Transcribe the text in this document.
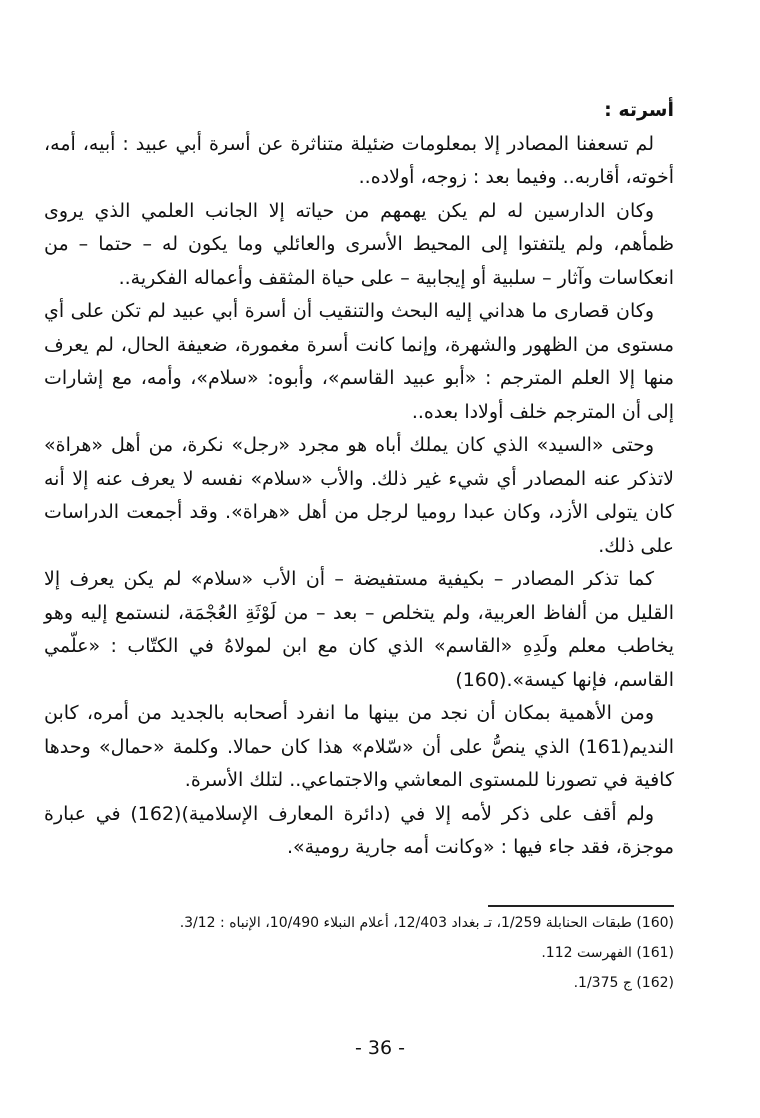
أسرته :

لم تسعفنا المصادر إلا بمعلومات ضئيلة متناثرة عن أسرة أبي عبيد : أبيه، أمه، أخوته، أقاربه.. وفيما بعد : زوجه، أولاده..

وكان الدارسين له لم يكن يهمهم من حياته إلا الجانب العلمي الذي يروى ظمأهم، ولم يلتفتوا إلى المحيط الأسرى والعائلي وما يكون له – حتما – من انعكاسات وآثار – سلبية أو إيجابية – على حياة المثقف وأعماله الفكرية..

وكان قصارى ما هداني إليه البحث والتنقيب أن أسرة أبي عبيد لم تكن على أي مستوى من الظهور والشهرة، وإنما كانت أسرة مغمورة، ضعيفة الحال، لم يعرف منها إلا العلم المترجم : «أبو عبيد القاسم»، وأبوه: «سلام»، وأمه، مع إشارات إلى أن المترجم خلف أولادا بعده..

وحتى «السيد» الذي كان يملك أباه هو مجرد «رجل» نكرة، من أهل «هراة» لاتذكر عنه المصادر أي شيء غير ذلك. والأب «سلام» نفسه لا يعرف عنه إلا أنه كان يتولى الأزد، وكان عبدا روميا لرجل من أهل «هراة». وقد أجمعت الدراسات على ذلك.

كما تذكر المصادر – بكيفية مستفيضة – أن الأب «سلام» لم يكن يعرف إلا القليل من ألفاظ العربية، ولم يتخلص – بعد – من لَوْثَةِ العُجْمَة، لنستمع إليه وهو يخاطب معلم ولَدِهِ «القاسم» الذي كان مع ابن لمولاهُ في الكتّاب : «علّمي القاسم، فإنها كيسة».(160)

ومن الأهمية بمكان أن نجد من بينها ما انفرد أصحابه بالجديد من أمره، كابن النديم(161) الذي ينصُّ على أن «سّلام» هذا كان حمالا. وكلمة «حمال» وحدها كافية في تصورنا للمستوى المعاشي والاجتماعي.. لتلك الأسرة.

ولم أقف على ذكر لأمه إلا في (دائرة المعارف الإسلامية)(162) في عبارة موجزة، فقد جاء فيها : «وكانت أمه جارية رومية».

(160) طبقات الحنابلة 1/259، تـ بغداد 12/403، أعلام النبلاء 10/490، الإنباه : 3/12.

(161) الفهرست 112.

(162) ج 1/375.

- 36 -
